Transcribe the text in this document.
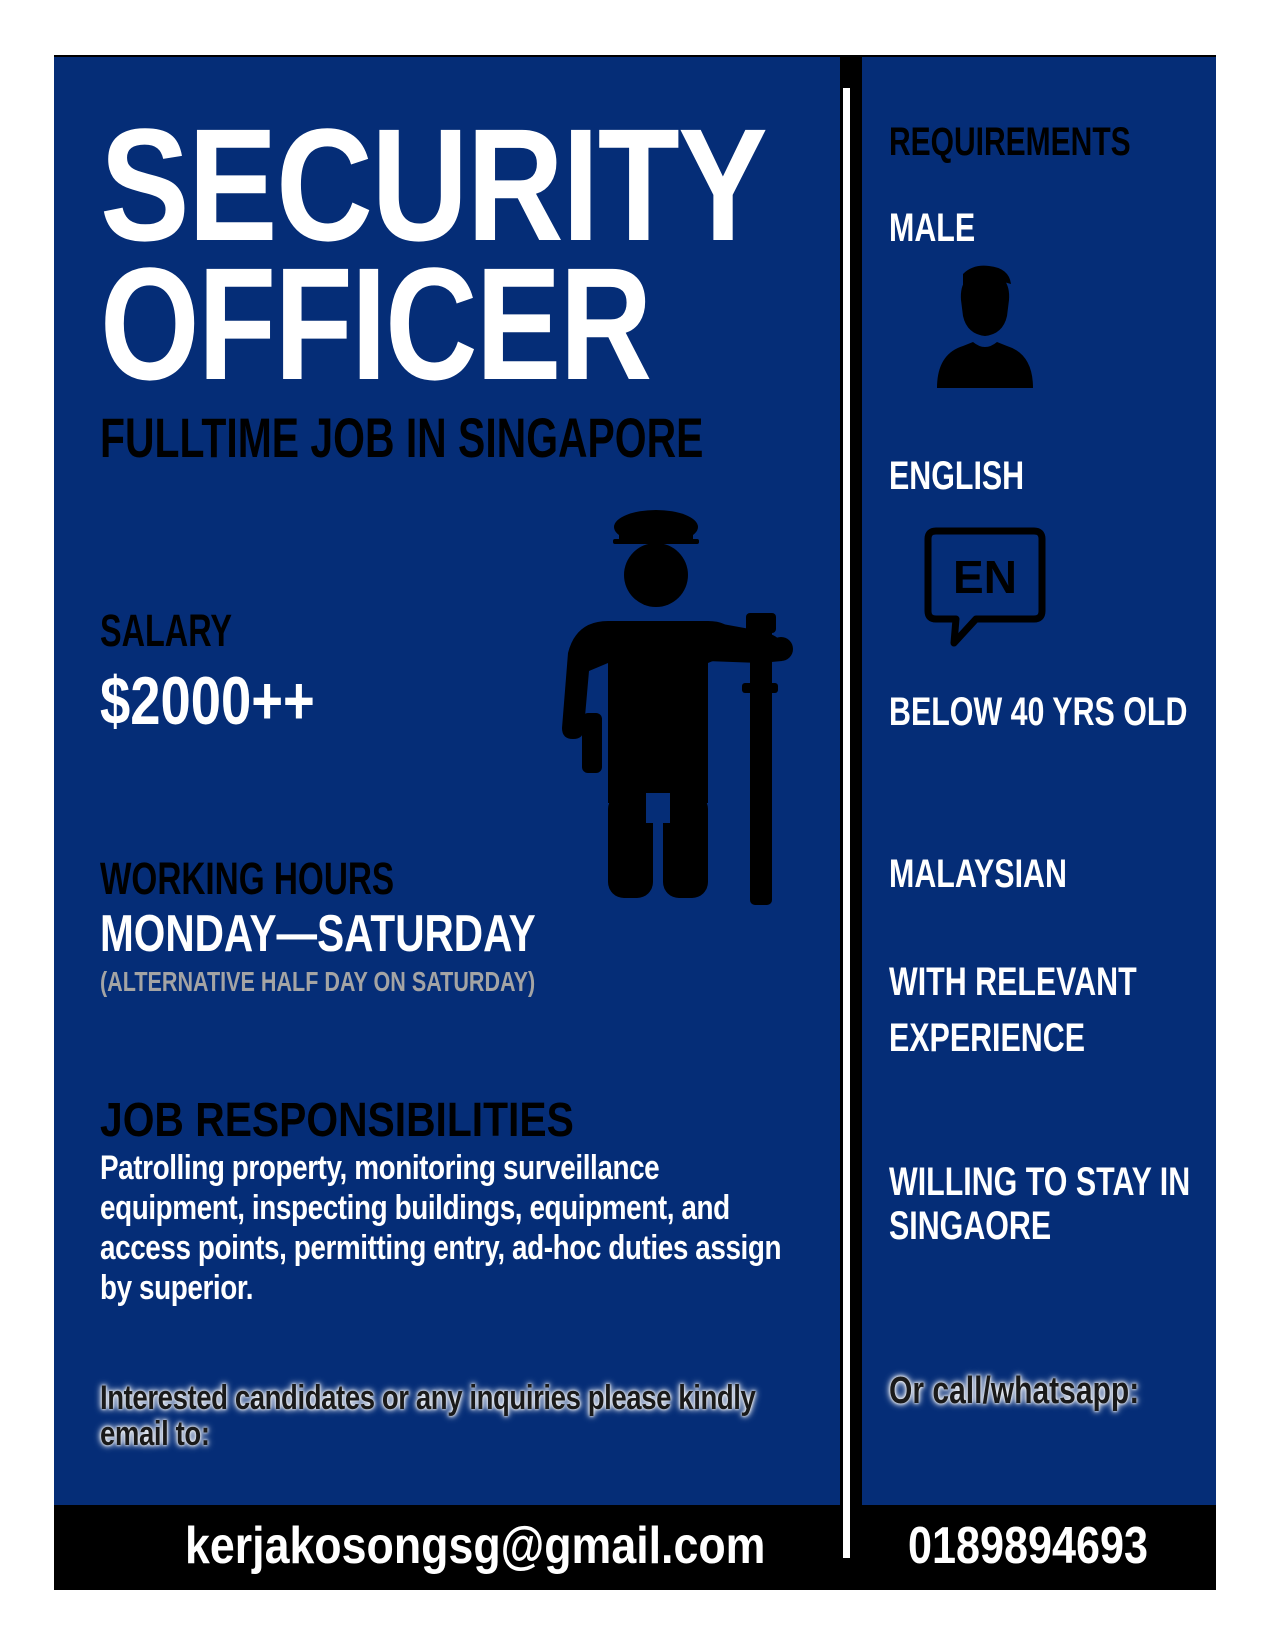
SECURITY
OFFICER
FULLTIME JOB IN SINGAPORE
SALARY
$2000++
WORKING HOURS
MONDAY—SATURDAY
(ALTERNATIVE HALF DAY ON SATURDAY)
JOB RESPONSIBILITIES
Patrolling property, monitoring surveillance equipment, inspecting buildings, equipment, and access points, permitting entry, ad-hoc duties assign by superior.
Interested candidates or any inquiries please kindly email to:
kerjakosongsg@gmail.com
REQUIREMENTS
MALE
ENGLISH
EN
BELOW 40 YRS OLD
MALAYSIAN
WITH RELEVANT
EXPERIENCE
WILLING TO STAY IN
SINGAORE
Or call/whatsapp:
0189894693
